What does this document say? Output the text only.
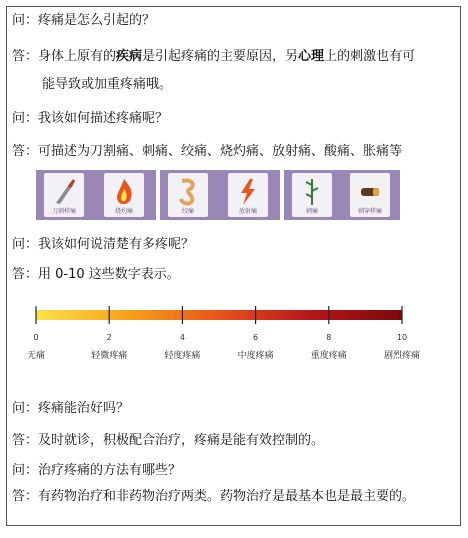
问：疼痛是怎么引起的？
答：身体上原有的疾病是引起疼痛的主要原因，另心理上的刺激也有可
能导致或加重疼痛哦。
问：我该如何描述疼痛呢？
答：可描述为刀割痛、刺痛、绞痛、烧灼痛、放射痛、酸痛、胀痛等
刀割样痛	烧灼痛	绞痛	放射痛	刺痛	刺穿样痛
问：我该如何说清楚有多疼呢？
答：用 0-10 这些数字表示。
0
无痛
2
轻微疼痛
4
轻度疼痛
6
中度疼痛
8
重度疼痛
10
剧烈疼痛
问：疼痛能治好吗？
答：及时就诊，积极配合治疗，疼痛是能有效控制的。
问：治疗疼痛的方法有哪些？
答：有药物治疗和非药物治疗两类。药物治疗是最基本也是最主要的。
